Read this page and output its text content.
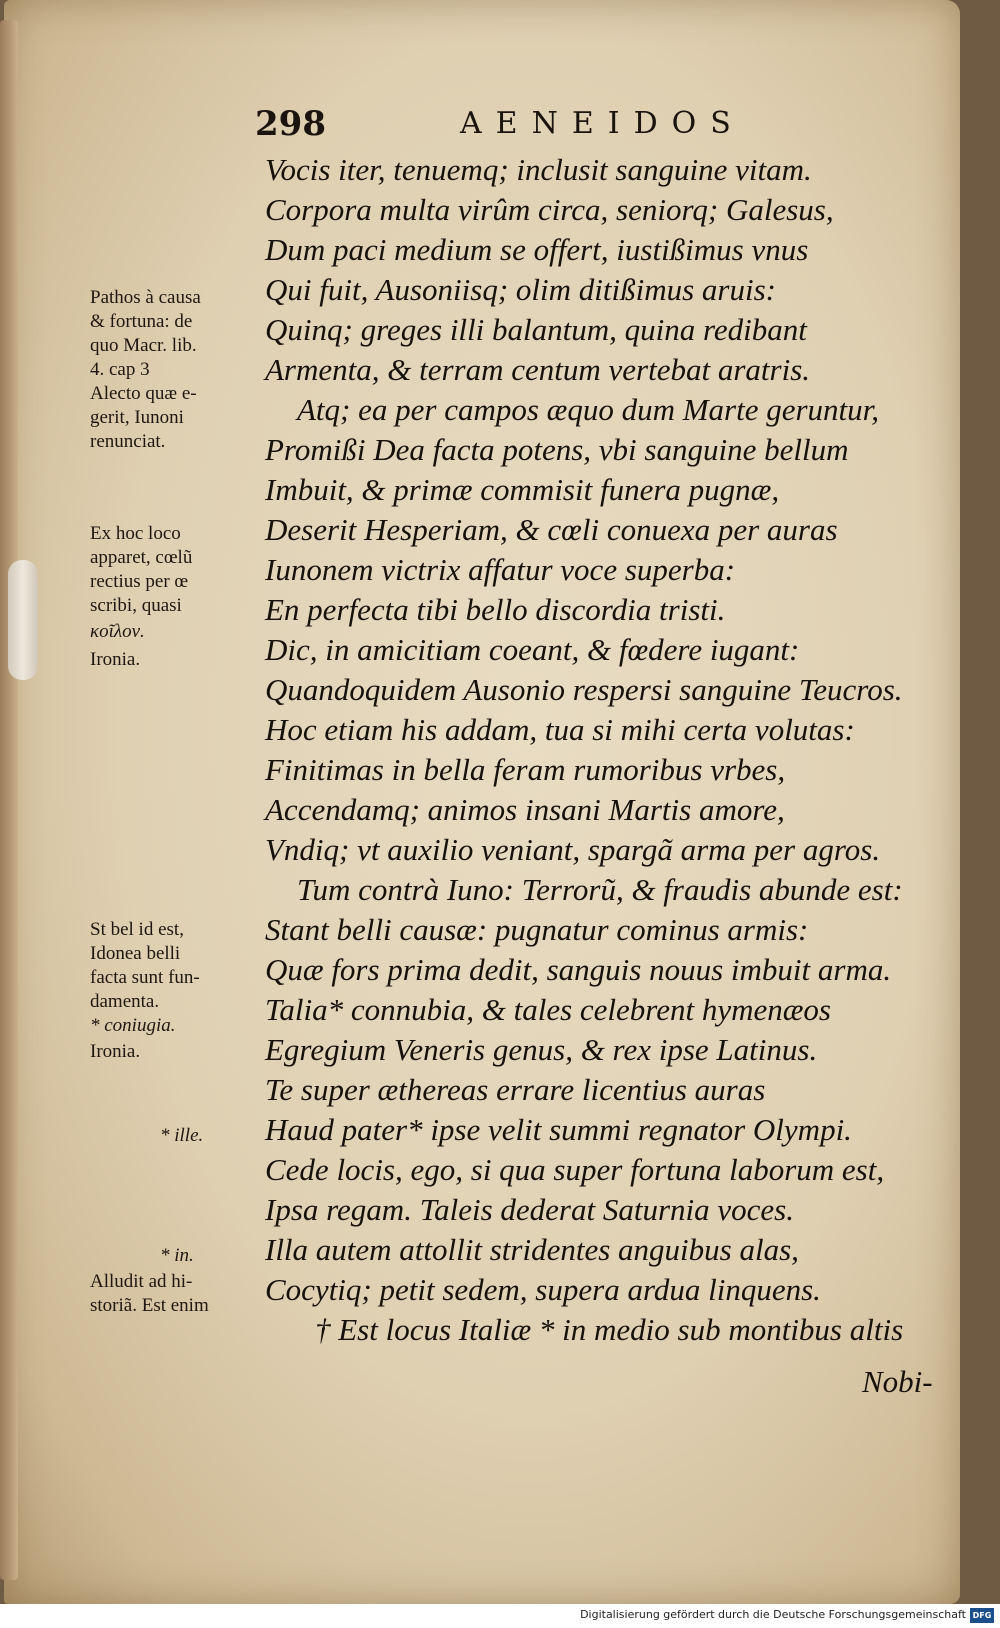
298	AENEIDOS

Vocis iter, tenuemq; inclusit sanguine vitam.

Corpora multa virûm circa, seniorq; Galesus,

Dum paci medium se offert, iustißimus vnus

Qui fuit, Ausoniisq; olim ditißimus aruis:

Quinq; greges illi balantum, quina redibant

Armenta, & terram centum vertebat aratris.

Atq; ea per campos æquo dum Marte geruntur,

Promißi Dea facta potens, vbi sanguine bellum

Imbuit, & primæ commisit funera pugnæ,

Deserit Hesperiam, & cœli conuexa per auras

Iunonem victrix affatur voce superba:

En perfecta tibi bello discordia tristi.

Dic, in amicitiam coeant, & fœdere iugant:

Quandoquidem Ausonio respersi sanguine Teucros.

Hoc etiam his addam, tua si mihi certa volutas:

Finitimas in bella feram rumoribus vrbes,

Accendamq; animos insani Martis amore,

Vndiq; vt auxilio veniant, spargã arma per agros.

Tum contrà Iuno: Terrorũ, & fraudis abunde est:

Stant belli causæ: pugnatur cominus armis:

Quæ fors prima dedit, sanguis nouus imbuit arma.

Talia* connubia, & tales celebrent hymenæos

Egregium Veneris genus, & rex ipse Latinus.

Te super æthereas errare licentius auras

Haud pater* ipse velit summi regnator Olympi.

Cede locis, ego, si qua super fortuna laborum est,

Ipsa regam. Taleis dederat Saturnia voces.

Illa autem attollit stridentes anguibus alas,

Cocytiq; petit sedem, supera ardua linquens.

† Est locus Italiæ * in medio sub montibus altis

Pathos à causa

& fortuna: de

quo Macr. lib.

4. cap 3

Alecto quæ e-

gerit, Iunoni

renunciat.

Ex hoc loco

apparet, cœlũ

rectius per œ

scribi, quasi

κοῖλον.

Ironia.

St bel id est,

Idonea belli

facta sunt fun-

damenta.

* coniugia.

Ironia.

* ille.

* in.

Alludit ad hi-

storiã. Est enim

Nobi-
Digitalisierung gefördert durch die Deutsche Forschungsgemeinschaft DFG
